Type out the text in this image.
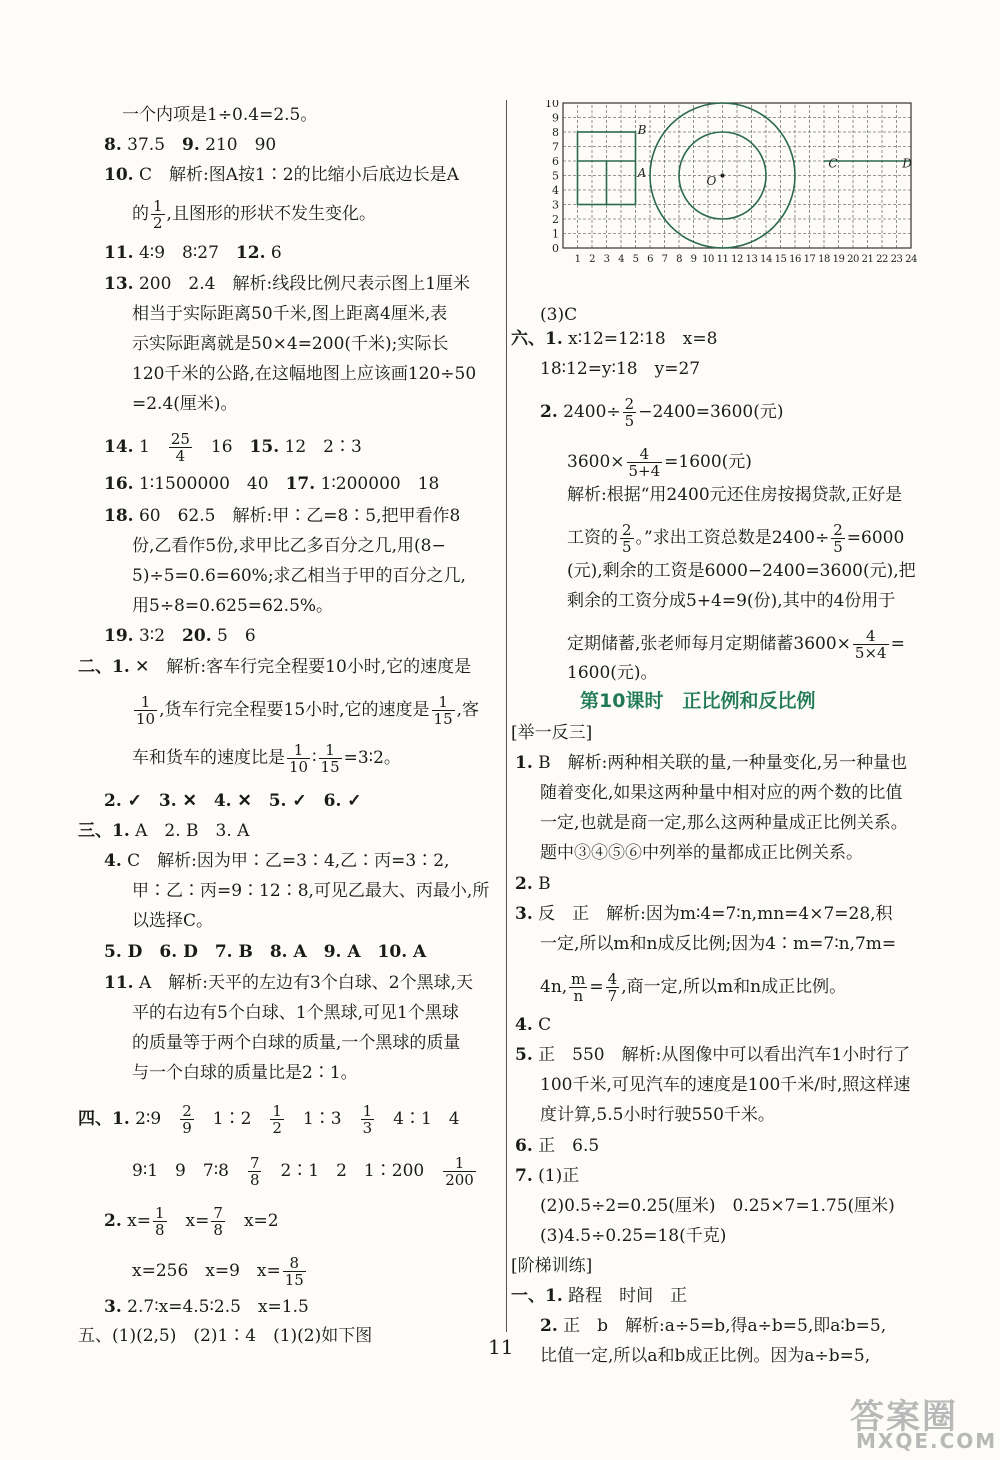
一个内项是1÷0.4=2.5。
8. 37.5　 9. 210　90
10. C　解析:图A按1∶2的比缩小后底边长是A
的 $\frac{1}{2}$ ,且图形的形状不发生变化。
11. 4∶9　8∶27　 12. 6
13. 200　2.4　解析:线段比例尺表示图上1厘米
相当于实际距离50千米,图上距离4厘米,表
示实际距离就是50×4=200(千米);实际长
120千米的公路,在这幅地图上应该画120÷50
=2.4(厘米)。
14. 1　 $\frac{25}{4}$
　 16　 15. 12　2∶3
16. 1∶1500000　40　 17. 1∶200000　18
18. 60　62.5　解析:甲∶乙=8∶5,把甲看作8
份,乙看作5份,求甲比乙多百分之几,用(8−
5)÷5=0.6=60%;求乙相当于甲的百分之几,
用5÷8=0.625=62.5%。
19. 3∶2　 20. 5　6
二、1. ✕　解析:客车行完全程要10小时,它的速度是
$\frac{1}{10}$ ,货车行完全程要15小时,它的速度是 $\frac{1}{15}$ ,客
车和货车的速度比是 $\frac{1}{10}$ ∶ $\frac{1}{15}$ =3∶2。
2. ✓　3. ✕　4. ✕　5. ✓　6. ✓
三、1. A　2. B　3. A
4. C　解析:因为甲∶乙=3∶4,乙∶丙=3∶2,
甲∶乙∶丙=9∶12∶8,可见乙最大、丙最小,所
以选择C。
5. D　6. D　7. B　8. A　9. A　10. A
11. A　解析:天平的左边有3个白球、2个黑球,天
平的右边有5个白球、1个黑球,可见1个黑球
的质量等于两个白球的质量,一个黑球的质量
与一个白球的质量比是2∶1。
四、1. 2∶9　 $\frac{2}{9}$
　 1∶2　 $\frac{1}{2}$
　 1∶3　 $\frac{1}{3}$
　 4∶1　4
9∶1　9　7∶8　 $\frac{7}{8}$
　 2∶1　2　1∶200　 $\frac{1}{200}$
2. $x= \frac{1}{8}$
　 $x= \frac{7}{8}$
　 x=2
x=256　x=9　$x= \frac{8}{15}$
3. 2.7∶x=4.5∶2.5　x=1.5
五、(1)(2,5)　(2)1∶4　(1)(2)如下图
0
1
2
3
4
5
6
7
8
9
10
1 2 3 4 5 6 7 8 9 10 11 12 13 14 15 16 17 18 19 20 21 22 23 24
B
A
O
C	D
(3)C
六、1. x∶12=12∶18　x=8
18∶12=y∶18　y=27
2. $2400\div \frac{2}{5} -2400=3600$(元)
$3600\times \frac{4}{5+4} =1600$(元)
解析:根据“用2400元还住房按揭贷款,正好是
工资的 $\frac{2}{5}$ 。”求出工资总数是$2400\div \frac{2}{5} =6000$
(元),剩余的工资是6000−2400=3600(元),把
剩余的工资分成5+4=9(份),其中的4份用于
定期储蓄,张老师每月定期储蓄$3600\times \frac{4}{5\times 4}$ =
1600(元)。
第10课时　正比例和反比例
[举一反三]
1. B　解析:两种相关联的量,一种量变化,另一种量也
随着变化,如果这两种量中相对应的两个数的比值
一定,也就是商一定,那么这两种量成正比例关系。
题中③④⑤⑥中列举的量都成正比例关系。
2. B
3. 反　正　解析:因为m∶4=7∶n,mn=4×7=28,积
一定,所以m和n成反比例;因为4∶m=7∶n,7m=
4n, $\frac{m}{n} = \frac{4}{7}$ ,商一定,所以m和n成正比例。
4. C
5. 正　550　解析:从图像中可以看出汽车1小时行了
100千米,可见汽车的速度是100千米/时,照这样速
度计算,5.5小时行驶550千米。
6. 正　6.5
7. (1)正
(2)0.5÷2=0.25(厘米)　0.25×7=1.75(厘米)
(3)4.5÷0.25=18(千克)
[阶梯训练]
一、1. 路程　时间　正
2. 正　b　解析:a÷5=b,得a÷b=5,即a∶b=5,
比值一定,所以a和b成正比例。因为a÷b=5,
11
答案圈
MXQE.COM
